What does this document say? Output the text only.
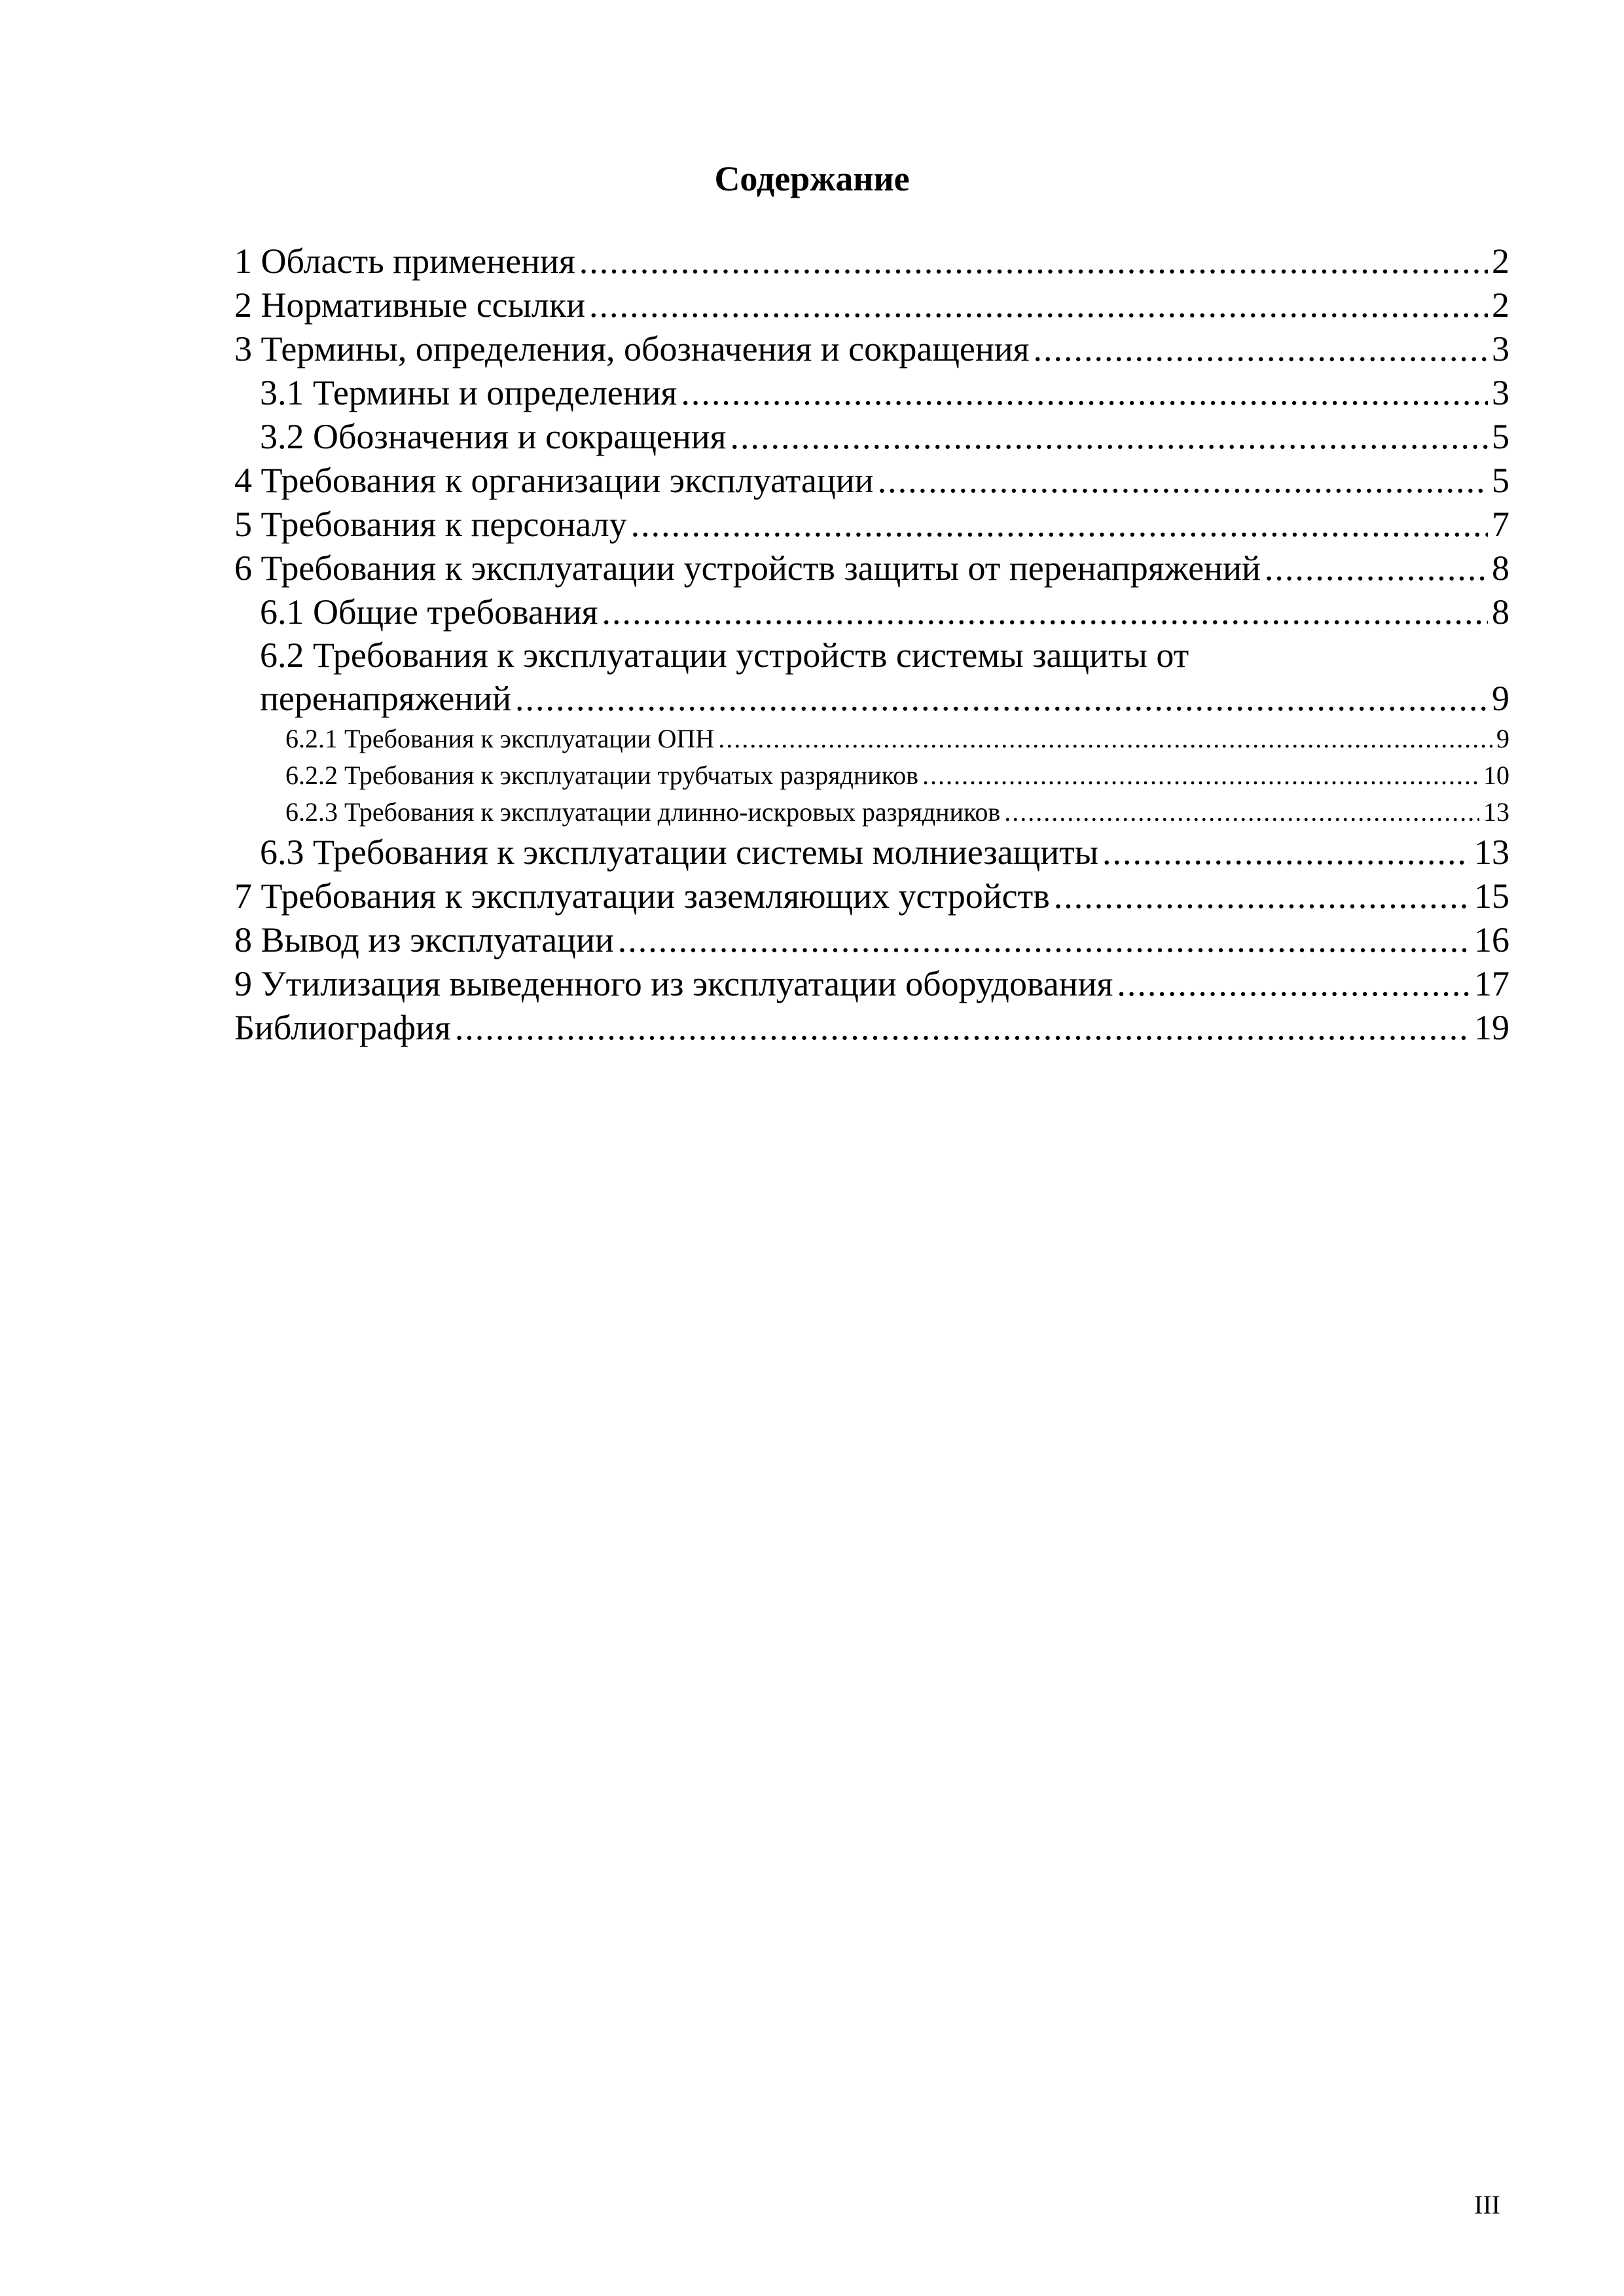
Содержание
1 Область применения .....	2
2 Нормативные ссылки .....	2
3 Термины, определения, обозначения и сокращения .....	3
3.1 Термины и определения .....	3
3.2 Обозначения и сокращения .....	5
4 Требования к организации эксплуатации .....	5
5 Требования к персоналу .....	7
6 Требования к эксплуатации устройств защиты от перенапряжений .....	8
6.1 Общие требования .....	8
6.2 Требования к эксплуатации устройств системы защиты от
перенапряжений .....	9
6.2.1 Требования к эксплуатации ОПН .....	9
6.2.2 Требования к эксплуатации трубчатых разрядников .....	10
6.2.3 Требования к эксплуатации длинно-искровых разрядников .....	13
6.3 Требования к эксплуатации системы молниезащиты .....	13
7 Требования к эксплуатации заземляющих устройств .....	15
8 Вывод из эксплуатации .....	16
9 Утилизация выведенного из эксплуатации оборудования .....	17
Библиография .....	19
III
